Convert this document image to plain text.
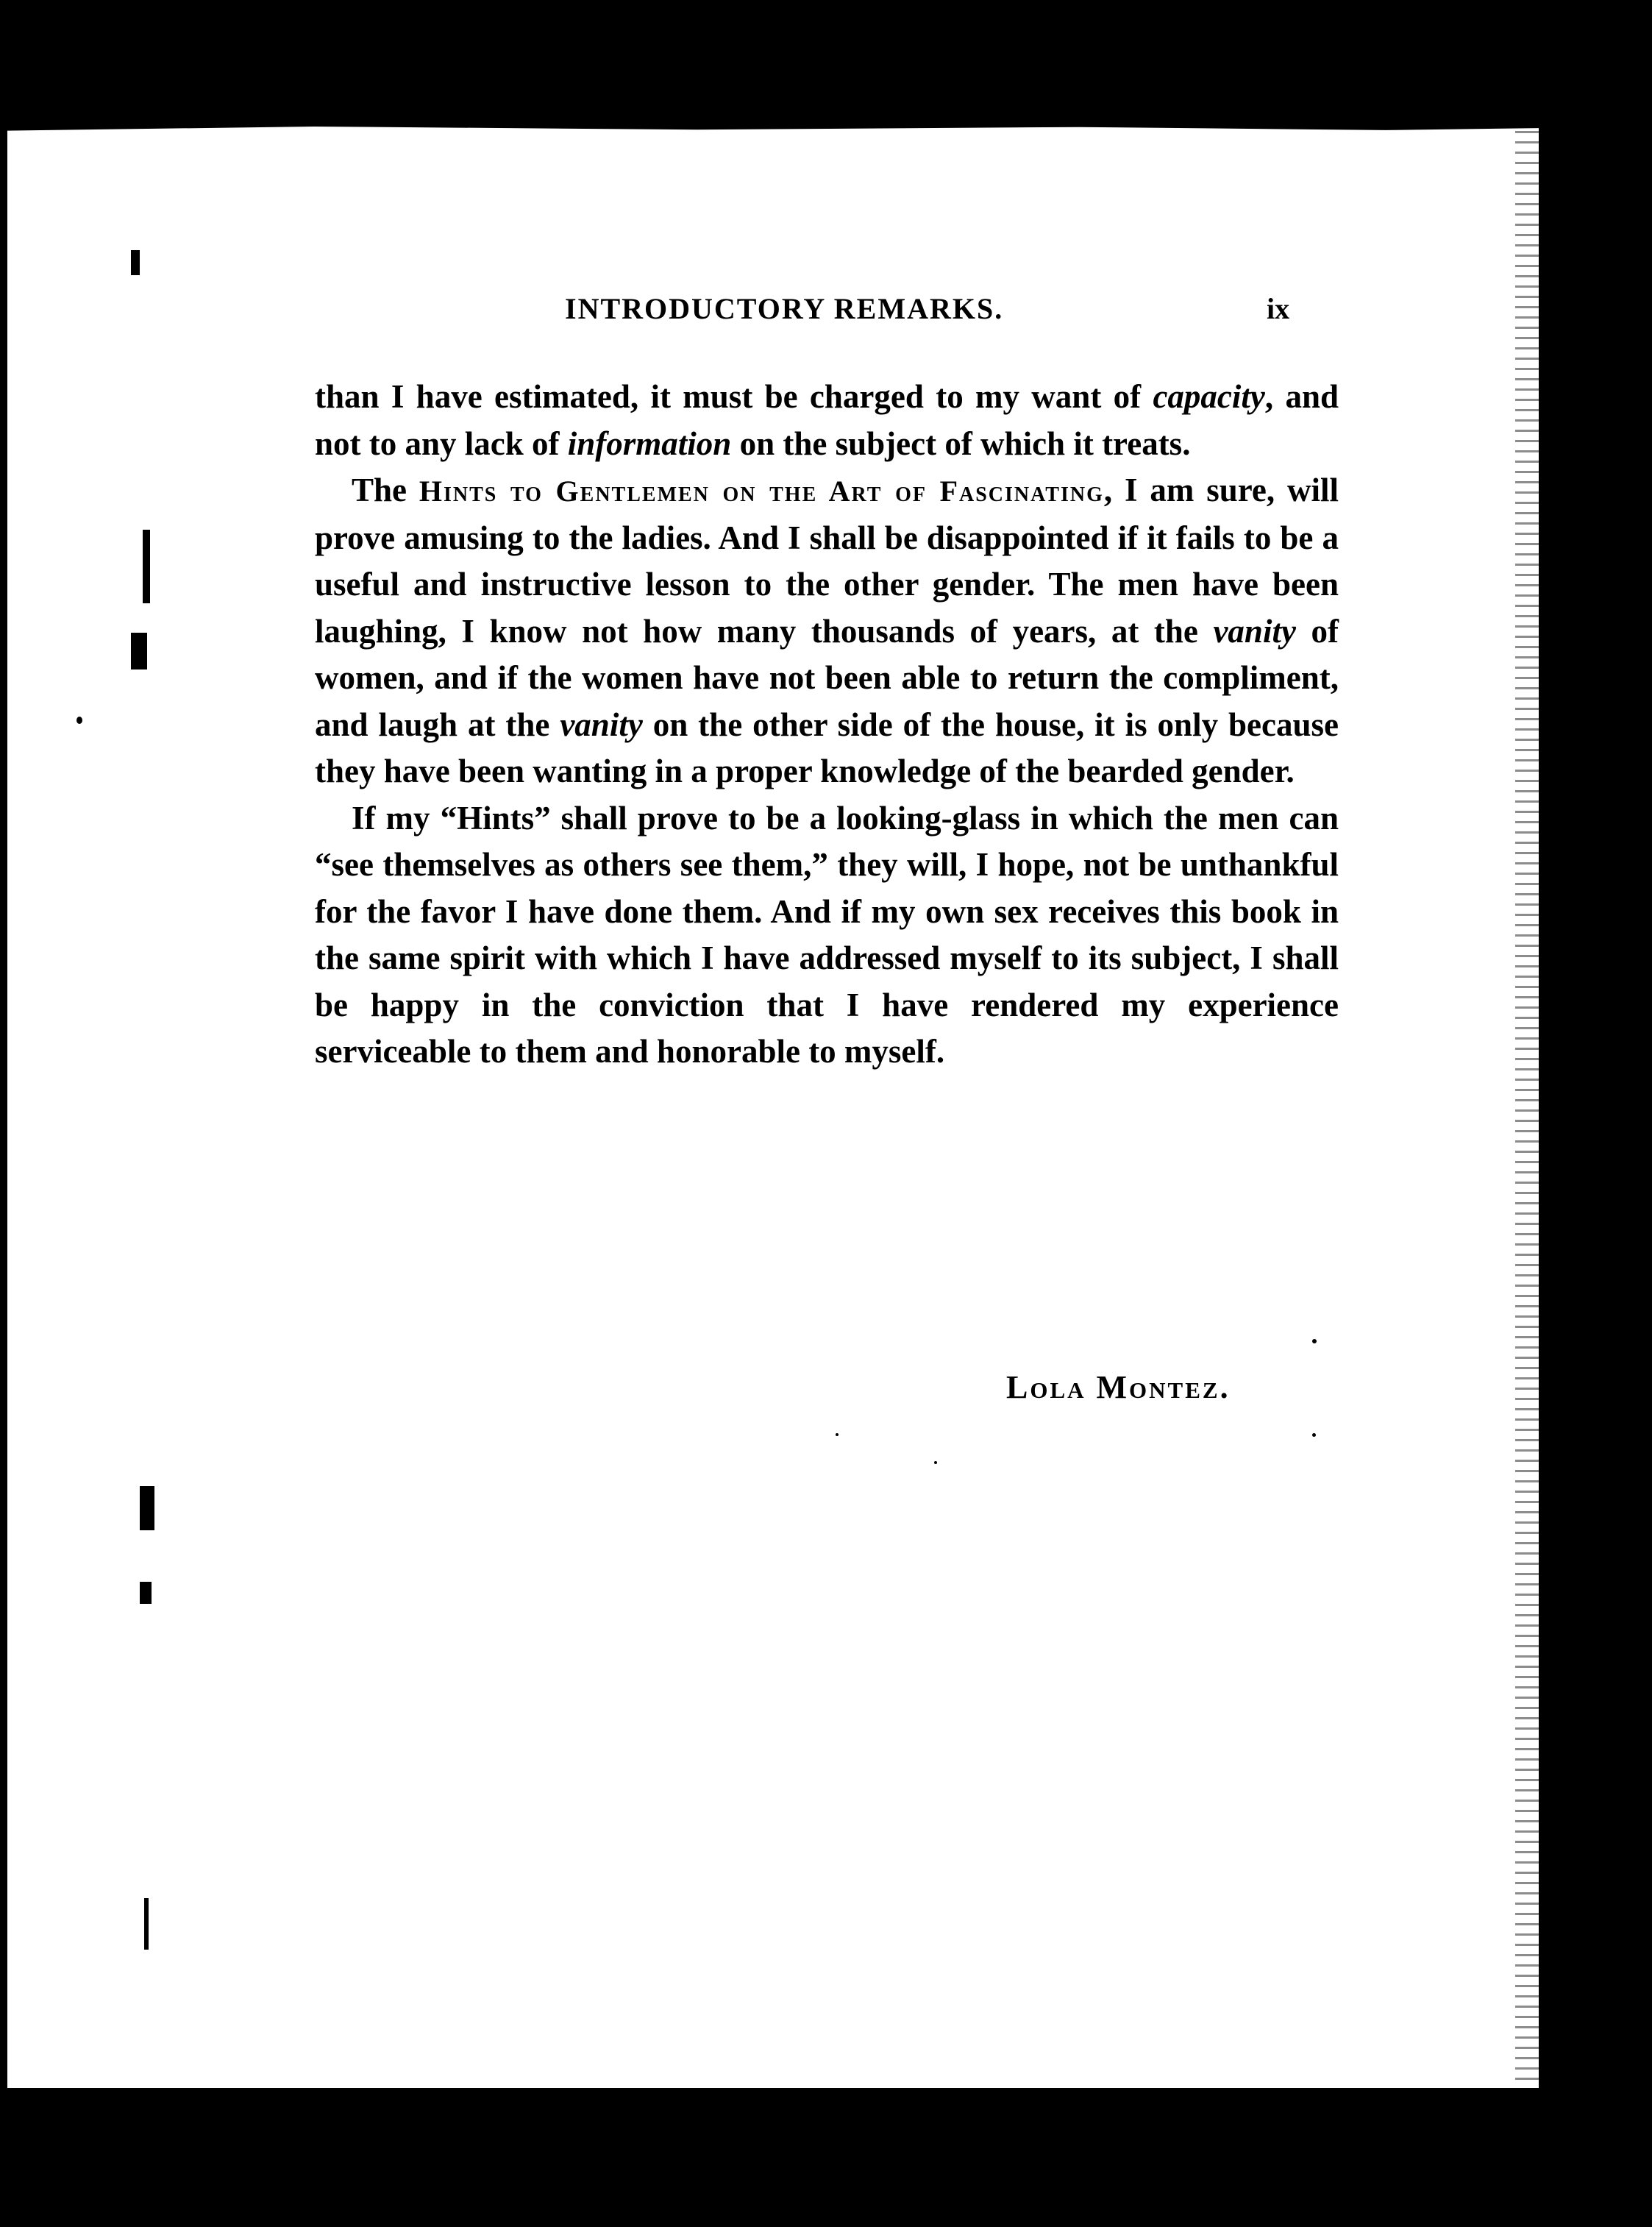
INTRODUCTORY REMARKS.	ix

than I have estimated, it must be charged to my want of capacity, and not to any lack of information on the subject of which it treats.

The Hints to Gentlemen on the Art of Fascinating, I am sure, will prove amusing to the ladies. And I shall be disappointed if it fails to be a useful and instructive lesson to the other gender. The men have been laughing, I know not how many thousands of years, at the vanity of women, and if the women have not been able to return the compliment, and laugh at the vanity on the other side of the house, it is only because they have been wanting in a proper knowledge of the bearded gender.

If my “Hints” shall prove to be a looking-glass in which the men can “see themselves as others see them,” they will, I hope, not be unthankful for the favor I have done them. And if my own sex receives this book in the same spirit with which I have addressed myself to its subject, I shall be happy in the conviction that I have rendered my experience serviceable to them and honorable to myself.

Lola Montez.
